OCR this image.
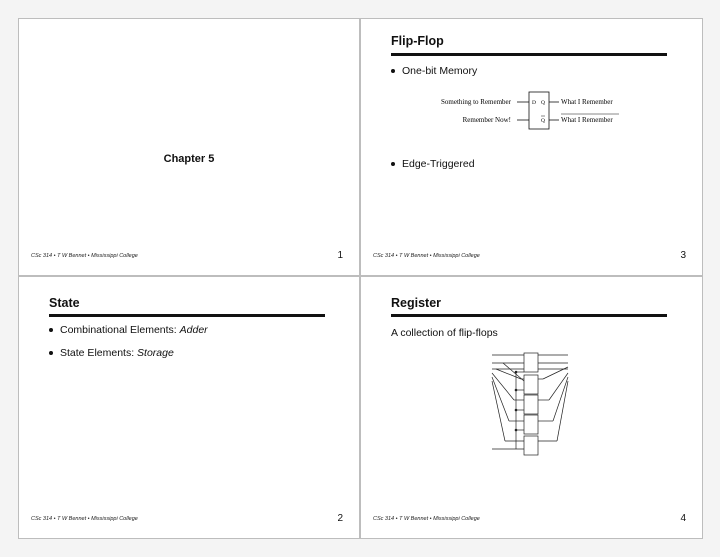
Chapter 5
CSc 314 • T W Bennet • Mississippi College	1
Flip-Flop
One-bit Memory
Something to Remember
Remember Now!
D Q
Q
What I Remember
What I Remember
Edge-Triggered
CSc 314 • T W Bennet • Mississippi College	3
State
Combinational Elements: Adder
State Elements: Storage
CSc 314 • T W Bennet • Mississippi College	2
Register
A collection of flip-flops
CSc 314 • T W Bennet • Mississippi College	4
